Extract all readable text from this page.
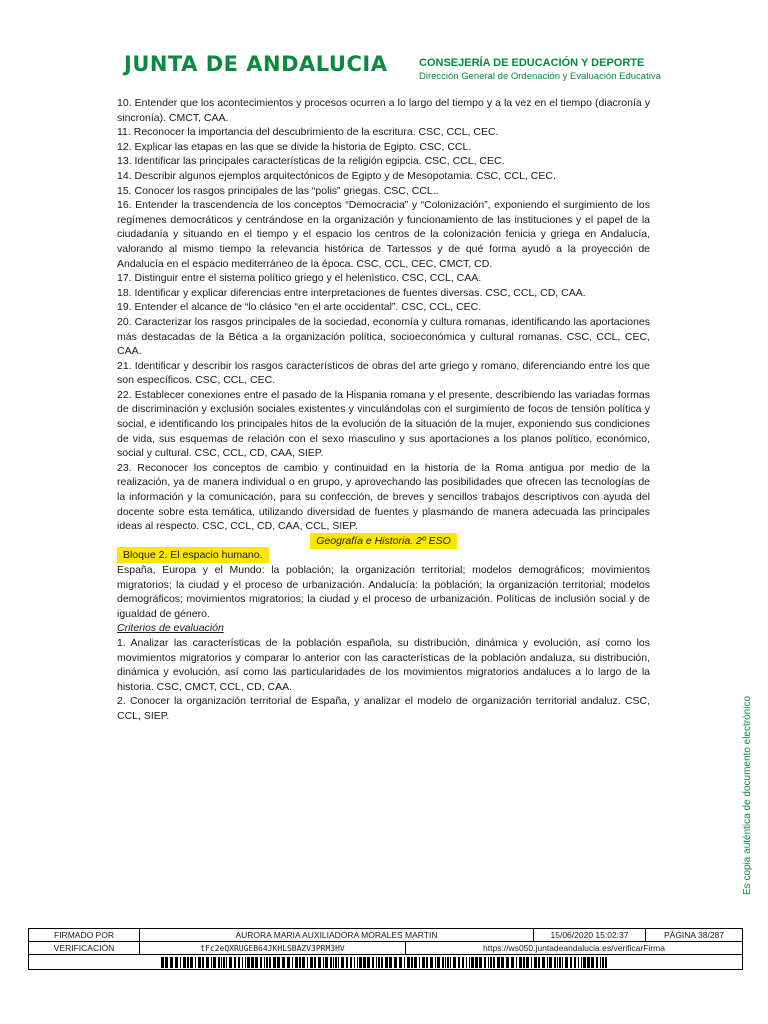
JUNTA DE ANDALUCIA	CONSEJERÍA DE EDUCACIÓN Y DEPORTE
Dirección General de Ordenación y Evaluación Educativa

10. Entender que los acontecimientos y procesos ocurren a lo largo del tiempo y a la vez en el tiempo (diacronía y sincronía). CMCT, CAA.

11. Reconocer la importancia del descubrimiento de la escritura. CSC, CCL, CEC.

12. Explicar las etapas en las que se divide la historia de Egipto. CSC, CCL.

13. Identificar las principales características de la religión egipcia. CSC, CCL, CEC.

14. Describir algunos ejemplos arquitectónicos de Egipto y de Mesopotamia. CSC, CCL, CEC.

15. Conocer los rasgos principales de las “polis” griegas. CSC, CCL..

16. Entender la trascendencia de los conceptos “Democracia” y “Colonización”, exponiendo el surgimiento de los regímenes democráticos y centrándose en la organización y funcionamiento de las instituciones y el papel de la ciudadanía y situando en el tiempo y el espacio los centros de la colonización fenicia y griega en Andalucía, valorando al mismo tiempo la relevancia histórica de Tartessos y de qué forma ayudó a la proyección de Andalucía en el espacio mediterráneo de la época. CSC, CCL, CEC, CMCT, CD.

17. Distinguir entre el sistema político griego y el helenístico. CSC, CCL, CAA.

18. Identificar y explicar diferencias entre interpretaciones de fuentes diversas. CSC, CCL, CD, CAA.

19. Entender el alcance de “lo clásico “en el arte occidental”. CSC, CCL, CEC.

20. Caracterizar los rasgos principales de la sociedad, economía y cultura romanas, identificando las aportaciones más destacadas de la Bética a la organización política, socioeconómica y cultural romanas. CSC, CCL, CEC, CAA.

21. Identificar y describir los rasgos característicos de obras del arte griego y romano, diferenciando entre los que son específicos. CSC, CCL, CEC.

22. Establecer conexiones entre el pasado de la Hispania romana y el presente, describiendo las variadas formas de discriminación y exclusión sociales existentes y vinculándolas con el surgimiento de focos de tensión política y social, e identificando los principales hitos de la evolución de la situación de la mujer, exponiendo sus condiciones de vida, sus esquemas de relación con el sexo masculino y sus aportaciones a los planos político, económico, social y cultural. CSC, CCL, CD, CAA, SIEP.

23. Reconocer los conceptos de cambio y continuidad en la historia de la Roma antigua por medio de la realización, ya de manera individual o en grupo, y aprovechando las posibilidades que ofrecen las tecnologías de la información y la comunicación, para su confección, de breves y sencillos trabajos descriptivos con ayuda del docente sobre esta temática, utilizando diversidad de fuentes y plasmando de manera adecuada las principales ideas al respecto. CSC, CCL, CD, CAA, CCL, SIEP.

Geografía e Historia. 2º ESO

Bloque 2. El espacio humano.

España, Europa y el Mundo: la población; la organización territorial; modelos demográficos; movimientos migratorios; la ciudad y el proceso de urbanización. Andalucía: la población; la organización territorial; modelos demográficos; movimientos migratorios; la ciudad y el proceso de urbanización. Políticas de inclusión social y de igualdad de género.

Criterios de evaluación

1. Analizar las características de la población española, su distribución, dinámica y evolución, así como los movimientos migratorios y comparar lo anterior con las características de la población andaluza, su distribución, dinámica y evolución, así como las particularidades de los movimientos migratorios andaluces a lo largo de la historia. CSC, CMCT, CCL, CD, CAA.

2. Conocer la organización territorial de España, y analizar el modelo de organización territorial andaluz. CSC, CCL, SIEP.	Es copia auténtica de documento electrónico
FIRMADO POR	AURORA MARIA AUXILIADORA MORALES MARTIN	15/06/2020 15:02:37	PÁGINA 38/287
VERIFICACIÓN	tFc2eQXRUGEB64JKHLSBAZV3PRM3HV	https://ws050.juntadeandalucia.es/verificarFirma
